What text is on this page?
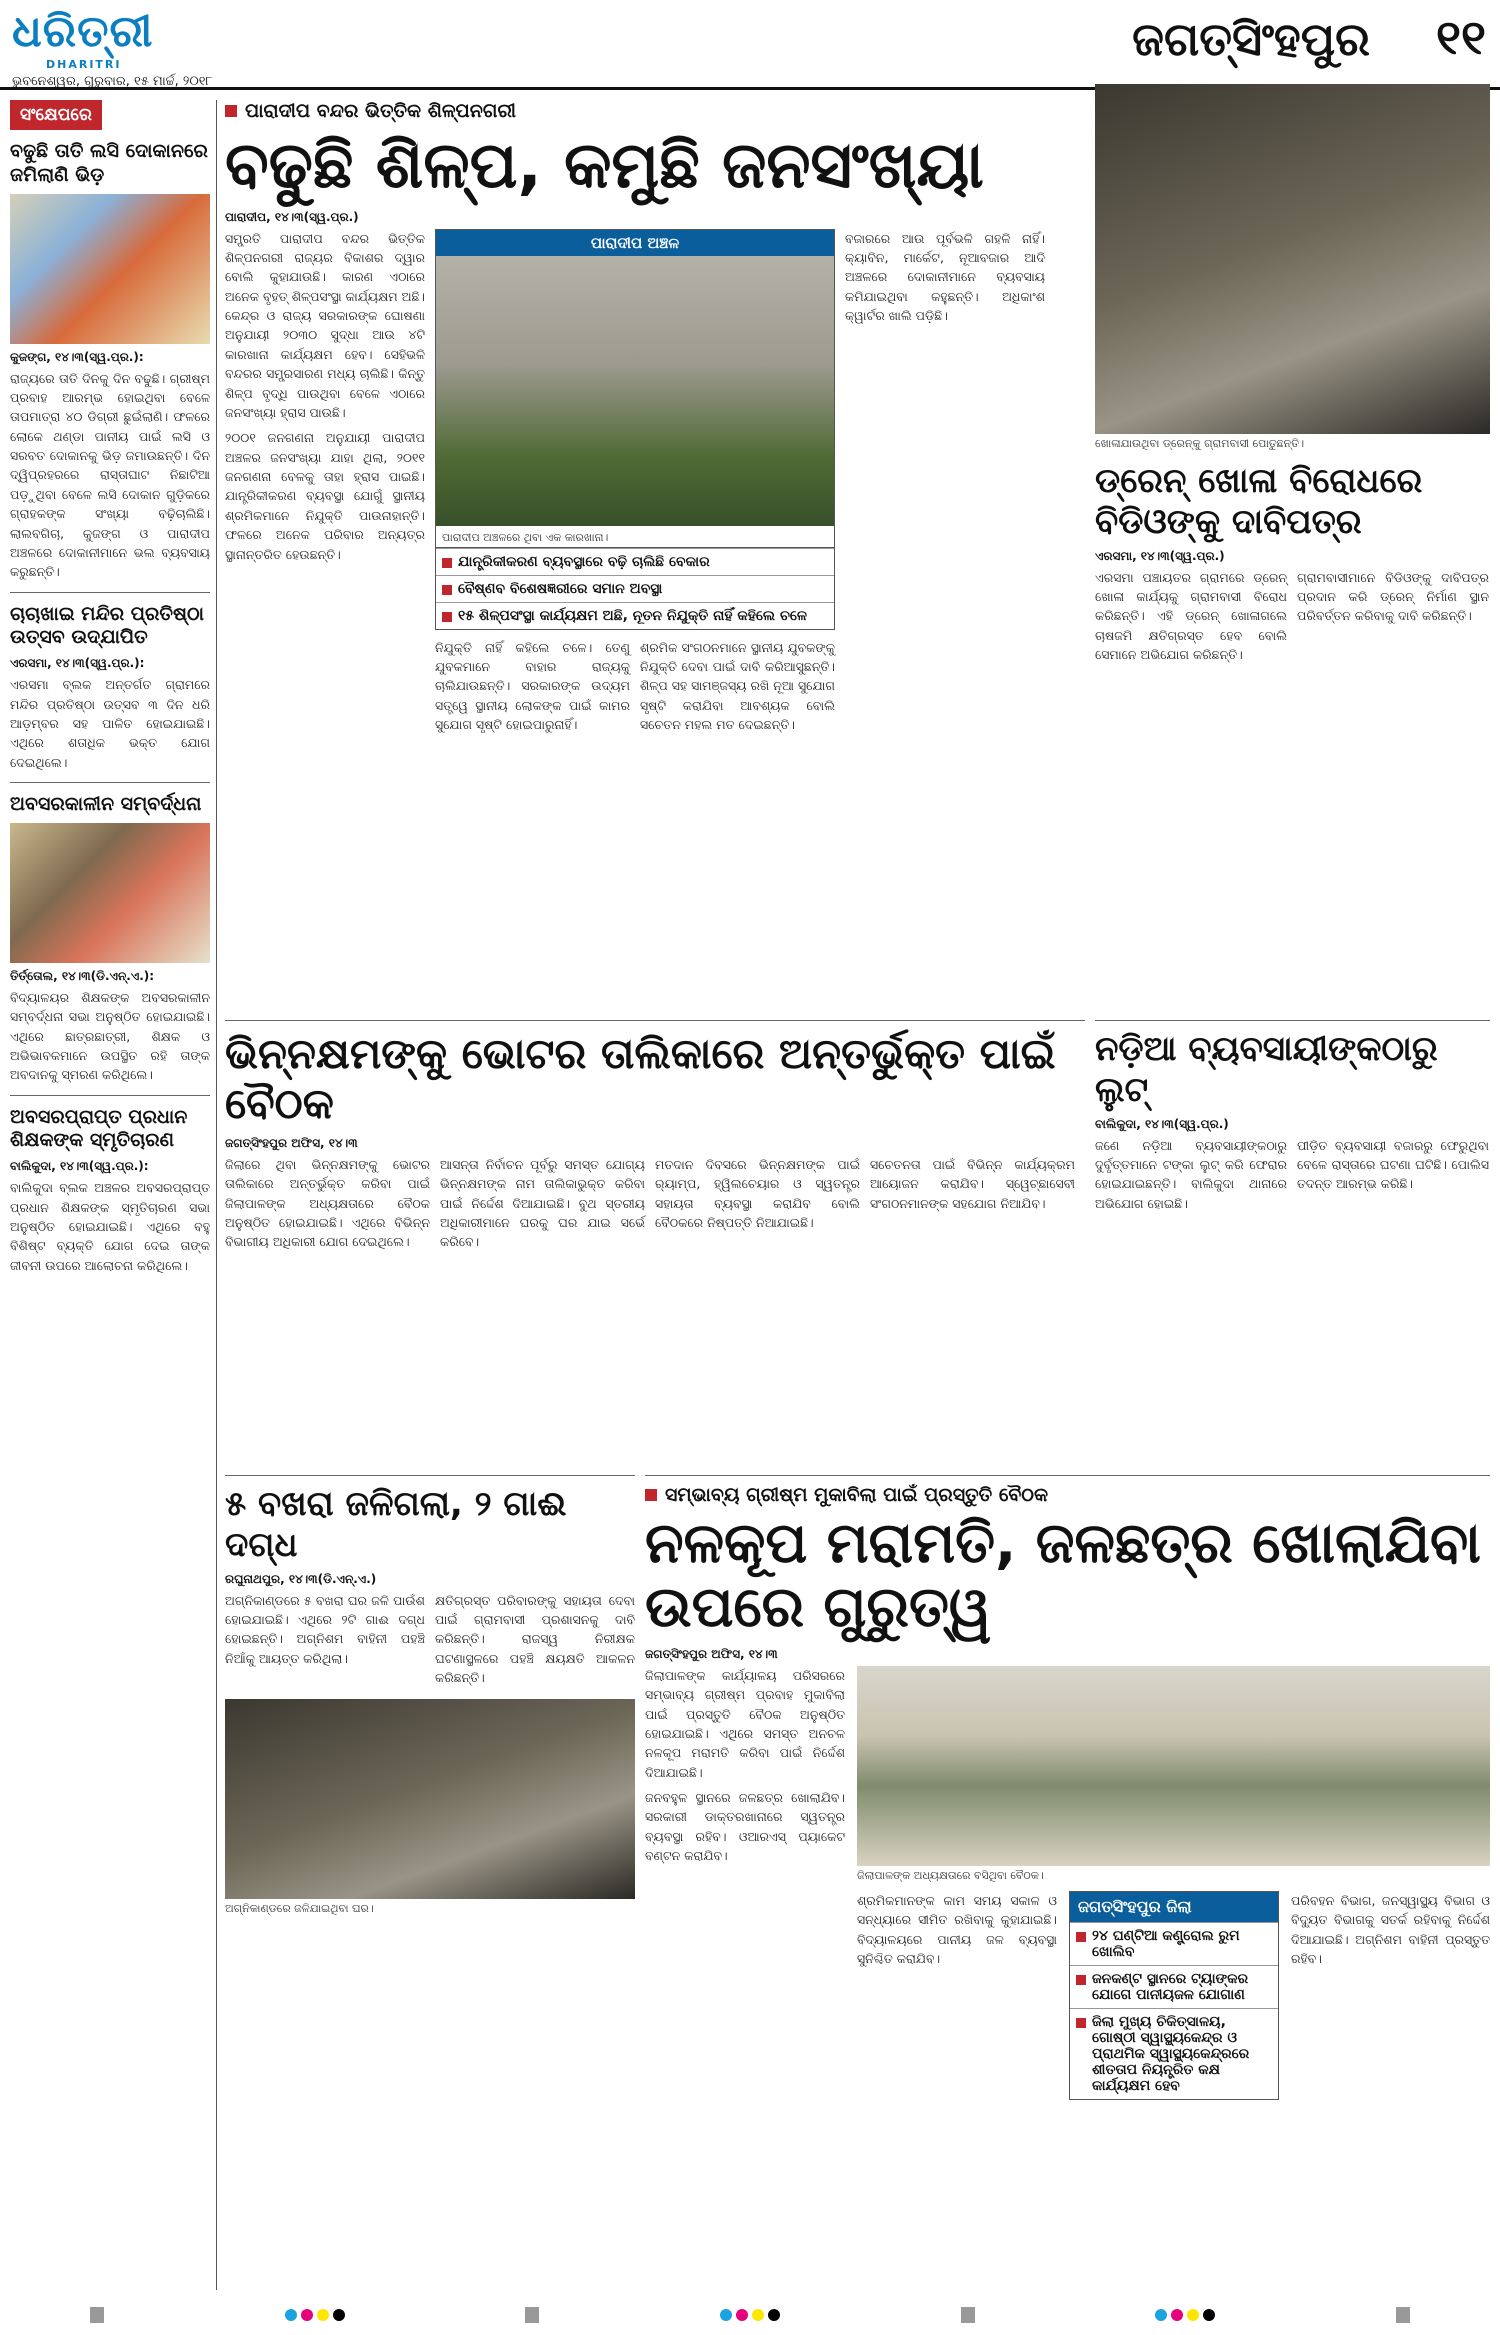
ଧରିତ୍ରୀ
DHARITRI
ଭୁବନେଶ୍ୱର, ଗୁରୁବାର, ୧୫ ମାର୍ଚ୍ଚ, ୨୦୧୮
ଜଗତ୍‌ସିଂହପୁର ୧୧
ସଂକ୍ଷେପରେ
ବଢୁଛି ତାତି ଲସି ଦୋକାନରେ ଜମିଲାଣି ଭିଡ଼
କୁଜଙ୍ଗ, ୧୪।୩(ସ୍ୱ.ପ୍ର.):
ରାଜ୍ୟରେ ତାତି ଦିନକୁ ଦିନ ବଢୁଛି। ଗ୍ରୀଷ୍ମ ପ୍ରବାହ ଆରମ୍ଭ ହୋଇଥିବା ବେଳେ ତାପମାତ୍ରା ୪୦ ଡିଗ୍ରୀ ଛୁଇଁଲାଣି। ଫଳରେ ଲୋକେ ଥଣ୍ଡା ପାନୀୟ ପାଇଁ ଲସି ଓ ସରବତ ଦୋକାନକୁ ଭିଡ଼ ଜମାଉଛନ୍ତି। ଦିନ ଦ୍ୱିପ୍ରହରରେ ରାସ୍ତାଘାଟ ନିଛାଟିଆ ପଡ଼ୁଥିବା ବେଳେ ଲସି ଦୋକାନ ଗୁଡ଼ିକରେ ଗ୍ରାହକଙ୍କ ସଂଖ୍ୟା ବଢ଼ିଚାଲିଛି। ଲାଲବଗିଚା, କୁଜଙ୍ଗ ଓ ପାରାଦୀପ ଅଞ୍ଚଳରେ ଦୋକାନୀମାନେ ଭଲ ବ୍ୟବସାୟ କରୁଛନ୍ତି।
ଚାଚାଖାଇ ମନ୍ଦିର ପ୍ରତିଷ୍ଠା ଉତ୍ସବ ଉଦ୍‌ଯାପିତ
ଏରସମା, ୧୪।୩(ସ୍ୱ.ପ୍ର.):
ଏରସମା ବ୍ଲକ ଅନ୍ତର୍ଗତ ଗ୍ରାମରେ ମନ୍ଦିର ପ୍ରତିଷ୍ଠା ଉତ୍ସବ ୩ ଦିନ ଧରି ଆଡ଼ମ୍ବର ସହ ପାଳିତ ହୋଇଯାଇଛି। ଏଥିରେ ଶତାଧିକ ଭକ୍ତ ଯୋଗ ଦେଇଥିଲେ।
ଅବସରକାଳୀନ ସମ୍ବର୍ଦ୍ଧନା
ତିର୍ତ୍ତୋଲ, ୧୪।୩(ଡି.ଏନ୍.ଏ.):
ବିଦ୍ୟାଳୟର ଶିକ୍ଷକଙ୍କ ଅବସରକାଳୀନ ସମ୍ବର୍ଦ୍ଧନା ସଭା ଅନୁଷ୍ଠିତ ହୋଇଯାଇଛି। ଏଥିରେ ଛାତ୍ରଛାତ୍ରୀ, ଶିକ୍ଷକ ଓ ଅଭିଭାବକମାନେ ଉପସ୍ଥିତ ରହି ତାଙ୍କ ଅବଦାନକୁ ସ୍ମରଣ କରିଥିଲେ।
ଅବସରପ୍ରାପ୍ତ ପ୍ରଧାନ ଶିକ୍ଷକଙ୍କ ସ୍ମୃତିଚାରଣ
ବାଲିକୁଦା, ୧୪।୩(ସ୍ୱ.ପ୍ର.):
ବାଲିକୁଦା ବ୍ଲକ ଅଞ୍ଚଳର ଅବସରପ୍ରାପ୍ତ ପ୍ରଧାନ ଶିକ୍ଷକଙ୍କ ସ୍ମୃତିଚାରଣ ସଭା ଅନୁଷ୍ଠିତ ହୋଇଯାଇଛି। ଏଥିରେ ବହୁ ବିଶିଷ୍ଟ ବ୍ୟକ୍ତି ଯୋଗ ଦେଇ ତାଙ୍କ ଜୀବନୀ ଉପରେ ଆଲୋଚନା କରିଥିଲେ।
ପାରାଦୀପ ବନ୍ଦର ଭିତ୍ତିକ ଶିଳ୍ପନଗରୀ
ବଢୁଛି ଶିଳ୍ପ, କମୁଛି ଜନସଂଖ୍ୟା
ପାରାଦୀପ, ୧୪।୩(ସ୍ୱ.ପ୍ର.)
ସମ୍ପ୍ରତି ପାରାଦୀପ ବନ୍ଦର ଭିତ୍ତିକ ଶିଳ୍ପନଗରୀ ରାଜ୍ୟର ବିକାଶର ଦ୍ୱାର ବୋଲି କୁହାଯାଉଛି। କାରଣ ଏଠାରେ ଅନେକ ବୃହତ୍ ଶିଳ୍ପସଂସ୍ଥା କାର୍ଯ୍ୟକ୍ଷମ ଅଛି। କେନ୍ଦ୍ର ଓ ରାଜ୍ୟ ସରକାରଙ୍କ ଘୋଷଣା ଅନୁଯାୟୀ ୨୦୩୦ ସୁଦ୍ଧା ଆଉ ୪ଟି କାରଖାନା କାର୍ଯ୍ୟକ୍ଷମ ହେବ। ସେହିଭଳି ବନ୍ଦରର ସମ୍ପ୍ରସାରଣ ମଧ୍ୟ ଚାଲିଛି। କିନ୍ତୁ ଶିଳ୍ପ ବୃଦ୍ଧି ପାଉଥିବା ବେଳେ ଏଠାରେ ଜନସଂଖ୍ୟା ହ୍ରାସ ପାଉଛି।
୨୦୦୧ ଜନଗଣନା ଅନୁଯାୟୀ ପାରାଦୀପ ଅଞ୍ଚଳର ଜନସଂଖ୍ୟା ଯାହା ଥିଲା, ୨୦୧୧ ଜନଗଣନା ବେଳକୁ ତାହା ହ୍ରାସ ପାଇଛି। ଯାନ୍ତ୍ରିକୀକରଣ ବ୍ୟବସ୍ଥା ଯୋଗୁଁ ସ୍ଥାନୀୟ ଶ୍ରମିକମାନେ ନିଯୁକ୍ତି ପାଉନାହାନ୍ତି। ଫଳରେ ଅନେକ ପରିବାର ଅନ୍ୟତ୍ର ସ୍ଥାନାନ୍ତରିତ ହେଉଛନ୍ତି।
ପାରାଦୀପ ଅଞ୍ଚଳ
ପାରାଦୀପ ଅଞ୍ଚଳରେ ଥିବା ଏକ କାରଖାନା।
ଯାନ୍ତ୍ରିକୀକରଣ ବ୍ୟବସ୍ଥାରେ ବଢ଼ି ଚାଲିଛି ବେକାର
ବୈଷ୍ଣବ ବିଶେଷଜ୍ଞରୀରେ ସମାନ ଅବସ୍ଥା
୧୫ ଶିଳ୍ପସଂସ୍ଥା କାର୍ଯ୍ୟକ୍ଷମ ଅଛି, ନୂତନ ନିଯୁକ୍ତି ନାହିଁ କହିଲେ ଚଳେ
ନିଯୁକ୍ତି ନାହିଁ କହିଲେ ଚଳେ। ତେଣୁ ଯୁବକମାନେ ବାହାର ରାଜ୍ୟକୁ ଚାଲିଯାଉଛନ୍ତି। ସରକାରଙ୍କ ଉଦ୍ୟମ ସତ୍ତ୍ୱେ ସ୍ଥାନୀୟ ଲୋକଙ୍କ ପାଇଁ କାମର ସୁଯୋଗ ସୃଷ୍ଟି ହୋଇପାରୁନାହିଁ।
ଶ୍ରମିକ ସଂଗଠନମାନେ ସ୍ଥାନୀୟ ଯୁବକଙ୍କୁ ନିଯୁକ୍ତି ଦେବା ପାଇଁ ଦାବି କରିଆସୁଛନ୍ତି। ଶିଳ୍ପ ସହ ସାମଞ୍ଜସ୍ୟ ରଖି ନୂଆ ସୁଯୋଗ ସୃଷ୍ଟି କରାଯିବା ଆବଶ୍ୟକ ବୋଲି ସଚେତନ ମହଲ ମତ ଦେଇଛନ୍ତି।
ବଜାରରେ ଆଉ ପୂର୍ବଭଳି ଗହଳି ନାହିଁ। କ୍ୟାବିନ, ମାର୍କେଟ, ନୂଆବଜାର ଆଦି ଅଞ୍ଚଳରେ ଦୋକାନୀମାନେ ବ୍ୟବସାୟ କମିଯାଇଥିବା କହୁଛନ୍ତି। ଅଧିକାଂଶ କ୍ୱାର୍ଟର ଖାଲି ପଡ଼ିଛି।
ଖୋଳାଯାଉଥିବା ଡ୍ରେନ୍‌କୁ ଗ୍ରାମବାସୀ ପୋତୁଛନ୍ତି।
ଡ୍ରେନ୍ ଖୋଳା ବିରୋଧରେ ବିଡିଓଙ୍କୁ ଦାବିପତ୍ର
ଏରସମା, ୧୪।୩(ସ୍ୱ.ପ୍ର.)
ଏରସମା ପଞ୍ଚାୟତର ଗ୍ରାମରେ ଡ୍ରେନ୍ ଖୋଳା କାର୍ଯ୍ୟକୁ ଗ୍ରାମବାସୀ ବିରୋଧ କରିଛନ୍ତି। ଏହି ଡ୍ରେନ୍ ଖୋଳାଗଲେ ଚାଷଜମି କ୍ଷତିଗ୍ରସ୍ତ ହେବ ବୋଲି ସେମାନେ ଅଭିଯୋଗ କରିଛନ୍ତି।
ଗ୍ରାମବାସୀମାନେ ବିଡିଓଙ୍କୁ ଦାବିପତ୍ର ପ୍ରଦାନ କରି ଡ୍ରେନ୍ ନିର୍ମାଣ ସ୍ଥାନ ପରିବର୍ତ୍ତନ କରିବାକୁ ଦାବି କରିଛନ୍ତି।
ଭିନ୍ନକ୍ଷମଙ୍କୁ ଭୋଟର ତାଲିକାରେ ଅନ୍ତର୍ଭୁକ୍ତ ପାଇଁ ବୈଠକ
ଜଗତ୍‌ସିଂହପୁର ଅଫିସ, ୧୪।୩
ଜିଲାରେ ଥିବା ଭିନ୍ନକ୍ଷମଙ୍କୁ ଭୋଟର ତାଲିକାରେ ଅନ୍ତର୍ଭୁକ୍ତ କରିବା ପାଇଁ ଜିଲାପାଳଙ୍କ ଅଧ୍ୟକ୍ଷତାରେ ବୈଠକ ଅନୁଷ୍ଠିତ ହୋଇଯାଇଛି। ଏଥିରେ ବିଭିନ୍ନ ବିଭାଗୀୟ ଅଧିକାରୀ ଯୋଗ ଦେଇଥିଲେ।
ଆସନ୍ତା ନିର୍ବାଚନ ପୂର୍ବରୁ ସମସ୍ତ ଯୋଗ୍ୟ ଭିନ୍ନକ୍ଷମଙ୍କ ନାମ ତାଲିକାଭୁକ୍ତ କରିବା ପାଇଁ ନିର୍ଦ୍ଦେଶ ଦିଆଯାଇଛି। ବୁଥ ସ୍ତରୀୟ ଅଧିକାରୀମାନେ ଘରକୁ ଘର ଯାଇ ସର୍ଭେ କରିବେ।
ମତଦାନ ଦିବସରେ ଭିନ୍ନକ୍ଷମଙ୍କ ପାଇଁ ର‌୍ୟାମ୍ପ, ହ୍ୱିଲଚେୟାର ଓ ସ୍ୱତନ୍ତ୍ର ସହାୟତା ବ୍ୟବସ୍ଥା କରାଯିବ ବୋଲି ବୈଠକରେ ନିଷ୍ପତ୍ତି ନିଆଯାଇଛି।
ସଚେତନତା ପାଇଁ ବିଭିନ୍ନ କାର୍ଯ୍ୟକ୍ରମ ଆୟୋଜନ କରାଯିବ। ସ୍ୱେଚ୍ଛାସେବୀ ସଂଗଠନମାନଙ୍କ ସହଯୋଗ ନିଆଯିବ।
ନଡ଼ିଆ ବ୍ୟବସାୟୀଙ୍କଠାରୁ ଲୁଟ୍
ବାଲିକୁଦା, ୧୪।୩(ସ୍ୱ.ପ୍ର.)
ଜଣେ ନଡ଼ିଆ ବ୍ୟବସାୟୀଙ୍କଠାରୁ ଦୁର୍ବୃତ୍ତମାନେ ଟଙ୍କା ଲୁଟ୍ କରି ଫେରାର ହୋଇଯାଇଛନ୍ତି। ବାଲିକୁଦା ଥାନାରେ ଅଭିଯୋଗ ହୋଇଛି।
ପୀଡ଼ିତ ବ୍ୟବସାୟୀ ବଜାରରୁ ଫେରୁଥିବା ବେଳେ ରାସ୍ତାରେ ଘଟଣା ଘଟିଛି। ପୋଲିସ ତଦନ୍ତ ଆରମ୍ଭ କରିଛି।
୫ ବଖରା ଜଳିଗଲା, ୨ ଗାଈ ଦଗ୍ଧ
ରଘୁନାଥପୁର, ୧୪।୩(ଡି.ଏନ୍.ଏ.)
ଅଗ୍ନିକାଣ୍ଡରେ ୫ ବଖରା ଘର ଜଳି ପାଉଁଶ ହୋଇଯାଇଛି। ଏଥିରେ ୨ଟି ଗାଈ ଦଗ୍ଧ ହୋଇଛନ୍ତି। ଅଗ୍ନିଶମ ବାହିନୀ ପହଞ୍ଚି ନିଆଁକୁ ଆୟତ୍ତ କରିଥିଲା।
କ୍ଷତିଗ୍ରସ୍ତ ପରିବାରଙ୍କୁ ସହାୟତା ଦେବା ପାଇଁ ଗ୍ରାମବାସୀ ପ୍ରଶାସନକୁ ଦାବି କରିଛନ୍ତି। ରାଜସ୍ୱ ନିରୀକ୍ଷକ ଘଟଣାସ୍ଥଳରେ ପହଞ୍ଚି କ୍ଷୟକ୍ଷତି ଆକଳନ କରିଛନ୍ତି।
ଅଗ୍ନିକାଣ୍ଡରେ ଜଳିଯାଇଥିବା ଘର।
ସମ୍ଭାବ୍ୟ ଗ୍ରୀଷ୍ମ ମୁକାବିଲା ପାଇଁ ପ୍ରସ୍ତୁତି ବୈଠକ
ନଳକୂପ ମରାମତି, ଜଳଛତ୍ର ଖୋଲାଯିବା ଉପରେ ଗୁରୁତ୍ୱ
ଜଗତ୍‌ସିଂହପୁର ଅଫିସ, ୧୪।୩
ଜିଲାପାଳଙ୍କ କାର୍ଯ୍ୟାଳୟ ପରିସରରେ ସମ୍ଭାବ୍ୟ ଗ୍ରୀଷ୍ମ ପ୍ରବାହ ମୁକାବିଲା ପାଇଁ ପ୍ରସ୍ତୁତି ବୈଠକ ଅନୁଷ୍ଠିତ ହୋଇଯାଇଛି। ଏଥିରେ ସମସ୍ତ ଅନଚଳ ନଳକୂପ ମରାମତି କରିବା ପାଇଁ ନିର୍ଦ୍ଦେଶ ଦିଆଯାଇଛି।
ଜନବହୁଳ ସ୍ଥାନରେ ଜଳଛତ୍ର ଖୋଲାଯିବ। ସରକାରୀ ଡାକ୍ତରଖାନାରେ ସ୍ୱତନ୍ତ୍ର ବ୍ୟବସ୍ଥା ରହିବ। ଓଆରଏସ୍ ପ୍ୟାକେଟ ବଣ୍ଟନ କରାଯିବ।
ଜିଲାପାଳଙ୍କ ଅଧ୍ୟକ୍ଷତାରେ ବସିଥିବା ବୈଠକ।
ଶ୍ରମିକମାନଙ୍କ କାମ ସମୟ ସକାଳ ଓ ସନ୍ଧ୍ୟାରେ ସୀମିତ ରଖିବାକୁ କୁହାଯାଇଛି। ବିଦ୍ୟାଳୟରେ ପାନୀୟ ଜଳ ବ୍ୟବସ୍ଥା ସୁନିଶ୍ଚିତ କରାଯିବ।
ଜଗତ୍‌ସିଂହପୁର ଜିଲା
୨୪ ଘଣ୍ଟିଆ କଣ୍ଟ୍ରୋଲ ରୁମ ଖୋଲିବ
ଜନକଣ୍ଟ ସ୍ଥାନରେ ଟ୍ୟାଙ୍କର ଯୋଗେ ପାନୀୟଜଳ ଯୋଗାଣ
ଜିଲା ମୁଖ୍ୟ ଚିକିତ୍ସାଳୟ, ଗୋଷ୍ଠୀ ସ୍ୱାସ୍ଥ୍ୟକେନ୍ଦ୍ର ଓ ପ୍ରାଥମିକ ସ୍ୱାସ୍ଥ୍ୟକେନ୍ଦ୍ରରେ ଶୀତତାପ ନିୟନ୍ତ୍ରିତ କକ୍ଷ କାର୍ଯ୍ୟକ୍ଷମ ହେବ
ପରିବହନ ବିଭାଗ, ଜନସ୍ୱାସ୍ଥ୍ୟ ବିଭାଗ ଓ ବିଦ୍ୟୁତ ବିଭାଗକୁ ସତର୍କ ରହିବାକୁ ନିର୍ଦ୍ଦେଶ ଦିଆଯାଇଛି। ଅଗ୍ନିଶମ ବାହିନୀ ପ୍ରସ୍ତୁତ ରହିବ।
